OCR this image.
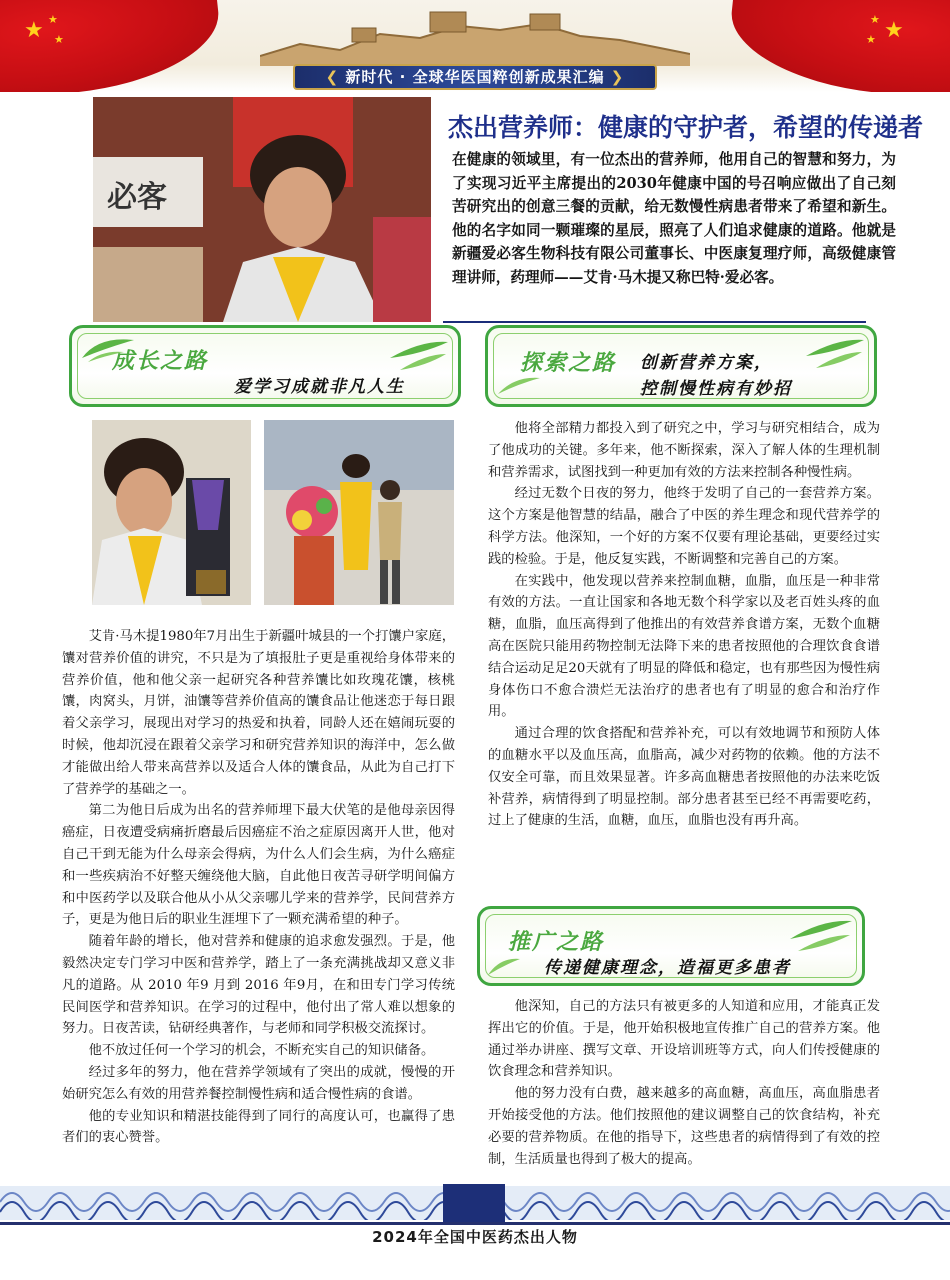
★ ★
★	★
★
★
❮ 新时代 · 全球华医国粹创新成果汇编 ❯
必客
杰出营养师：健康的守护者，希望的传递者
在健康的领域里，有一位杰出的营养师，他用自己的智慧和努力，为了实现习近平主席提出的2030年健康中国的号召响应做出了自己刻苦研究出的创意三餐的贡献，给无数慢性病患者带来了希望和新生。他的名字如同一颗璀璨的星辰，照亮了人们追求健康的道路。他就是新疆爱必客生物科技有限公司董事长、中医康复理疗师，高级健康管理讲师，药理师——艾肯·马木提又称巴特·爱必客。
成长之路
爱学习成就非凡人生
探索之路 创新营养方案，
控制慢性病有妙招

艾肯·马木提1980年7月出生于新疆叶城县的一个打馕户家庭，馕对营养价值的讲究，不只是为了填报肚子更是重视给身体带来的营养价值，他和他父亲一起研究各种营养馕比如玫瑰花馕，核桃馕，肉窝头，月饼，油馕等营养价值高的馕食品让他迷恋于每日跟着父亲学习，展现出对学习的热爱和执着，同龄人还在嬉闹玩耍的时候，他却沉浸在跟着父亲学习和研究营养知识的海洋中，怎么做才能做出给人带来高营养以及适合人体的馕食品，从此为自己打下了营养学的基础之一。

第二为他日后成为出名的营养师埋下最大伏笔的是他母亲因得癌症，日夜遭受病痛折磨最后因癌症不治之症原因离开人世，他对自己干到无能为什么母亲会得病，为什么人们会生病，为什么癌症和一些疾病治不好整天缠绕他大脑，自此他日夜苦寻研学明间偏方和中医药学以及联合他从小从父亲哪儿学来的营养学，民间营养方子，更是为他日后的职业生涯埋下了一颗充满希望的种子。

随着年龄的增长，他对营养和健康的追求愈发强烈。于是，他毅然决定专门学习中医和营养学，踏上了一条充满挑战却又意义非凡的道路。从 2010 年9 月到 2016 年9月，在和田专门学习传统民间医学和营养知识。在学习的过程中，他付出了常人难以想象的努力。日夜苦读，钻研经典著作，与老师和同学积极交流探讨。

他不放过任何一个学习的机会，不断充实自己的知识储备。

经过多年的努力，他在营养学领域有了突出的成就，慢慢的开始研究怎么有效的用营养餐控制慢性病和适合慢性病的食谱。

他的专业知识和精湛技能得到了同行的高度认可，也赢得了患者们的衷心赞誉。

他将全部精力都投入到了研究之中，学习与研究相结合，成为了他成功的关键。多年来，他不断探索，深入了解人体的生理机制和营养需求，试图找到一种更加有效的方法来控制各种慢性病。

经过无数个日夜的努力，他终于发明了自己的一套营养方案。这个方案是他智慧的结晶，融合了中医的养生理念和现代营养学的科学方法。他深知，一个好的方案不仅要有理论基础，更要经过实践的检验。于是，他反复实践，不断调整和完善自己的方案。

在实践中，他发现以营养来控制血糖，血脂，血压是一种非常有效的方法。一直让国家和各地无数个科学家以及老百姓头疼的血糖，血脂，血压高得到了他推出的有效营养食谱方案，无数个血糖高在医院只能用药物控制无法降下来的患者按照他的合理饮食食谱结合运动足足20天就有了明显的降低和稳定，也有那些因为慢性病身体伤口不愈合溃烂无法治疗的患者也有了明显的愈合和治疗作用。

通过合理的饮食搭配和营养补充，可以有效地调节和预防人体的血糖水平以及血压高，血脂高，减少对药物的依赖。他的方法不仅安全可靠，而且效果显著。许多高血糖患者按照他的办法来吃饭补营养，病情得到了明显控制。部分患者甚至已经不再需要吃药，过上了健康的生活，血糖，血压，血脂也没有再升高。

推广之路
传递健康理念，造福更多患者

他深知，自己的方法只有被更多的人知道和应用，才能真正发挥出它的价值。于是，他开始积极地宣传推广自己的营养方案。他通过举办讲座、撰写文章、开设培训班等方式，向人们传授健康的饮食理念和营养知识。

他的努力没有白费，越来越多的高血糖，高血压，高血脂患者开始接受他的方法。他们按照他的建议调整自己的饮食结构，补充必要的营养物质。在他的指导下，这些患者的病情得到了有效的控制，生活质量也得到了极大的提高。

2024年全国中医药杰出人物
